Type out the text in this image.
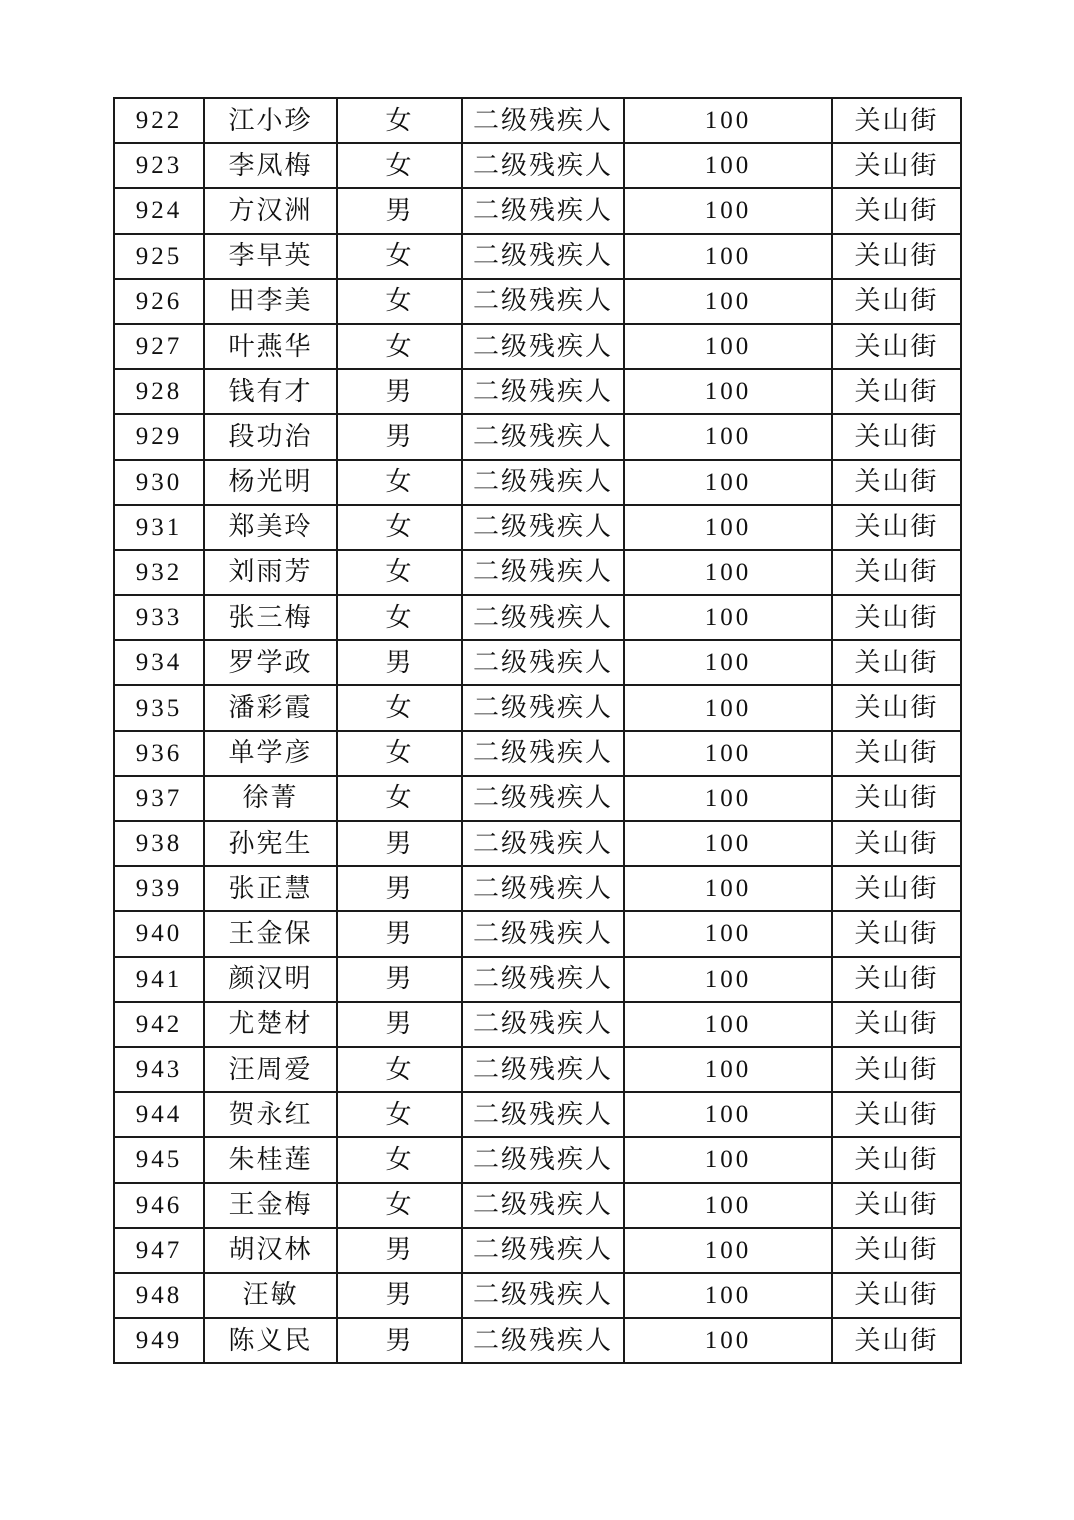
922	江小珍	女	二级残疾人	100	关山街
923	李凤梅	女	二级残疾人	100	关山街
924	方汉洲	男	二级残疾人	100	关山街
925	李早英	女	二级残疾人	100	关山街
926	田李美	女	二级残疾人	100	关山街
927	叶燕华	女	二级残疾人	100	关山街
928	钱有才	男	二级残疾人	100	关山街
929	段功治	男	二级残疾人	100	关山街
930	杨光明	女	二级残疾人	100	关山街
931	郑美玲	女	二级残疾人	100	关山街
932	刘雨芳	女	二级残疾人	100	关山街
933	张三梅	女	二级残疾人	100	关山街
934	罗学政	男	二级残疾人	100	关山街
935	潘彩霞	女	二级残疾人	100	关山街
936	单学彦	女	二级残疾人	100	关山街
937	徐菁	女	二级残疾人	100	关山街
938	孙宪生	男	二级残疾人	100	关山街
939	张正慧	男	二级残疾人	100	关山街
940	王金保	男	二级残疾人	100	关山街
941	颜汉明	男	二级残疾人	100	关山街
942	尤楚材	男	二级残疾人	100	关山街
943	汪周爱	女	二级残疾人	100	关山街
944	贺永红	女	二级残疾人	100	关山街
945	朱桂莲	女	二级残疾人	100	关山街
946	王金梅	女	二级残疾人	100	关山街
947	胡汉林	男	二级残疾人	100	关山街
948	汪敏	男	二级残疾人	100	关山街
949	陈义民	男	二级残疾人	100	关山街
